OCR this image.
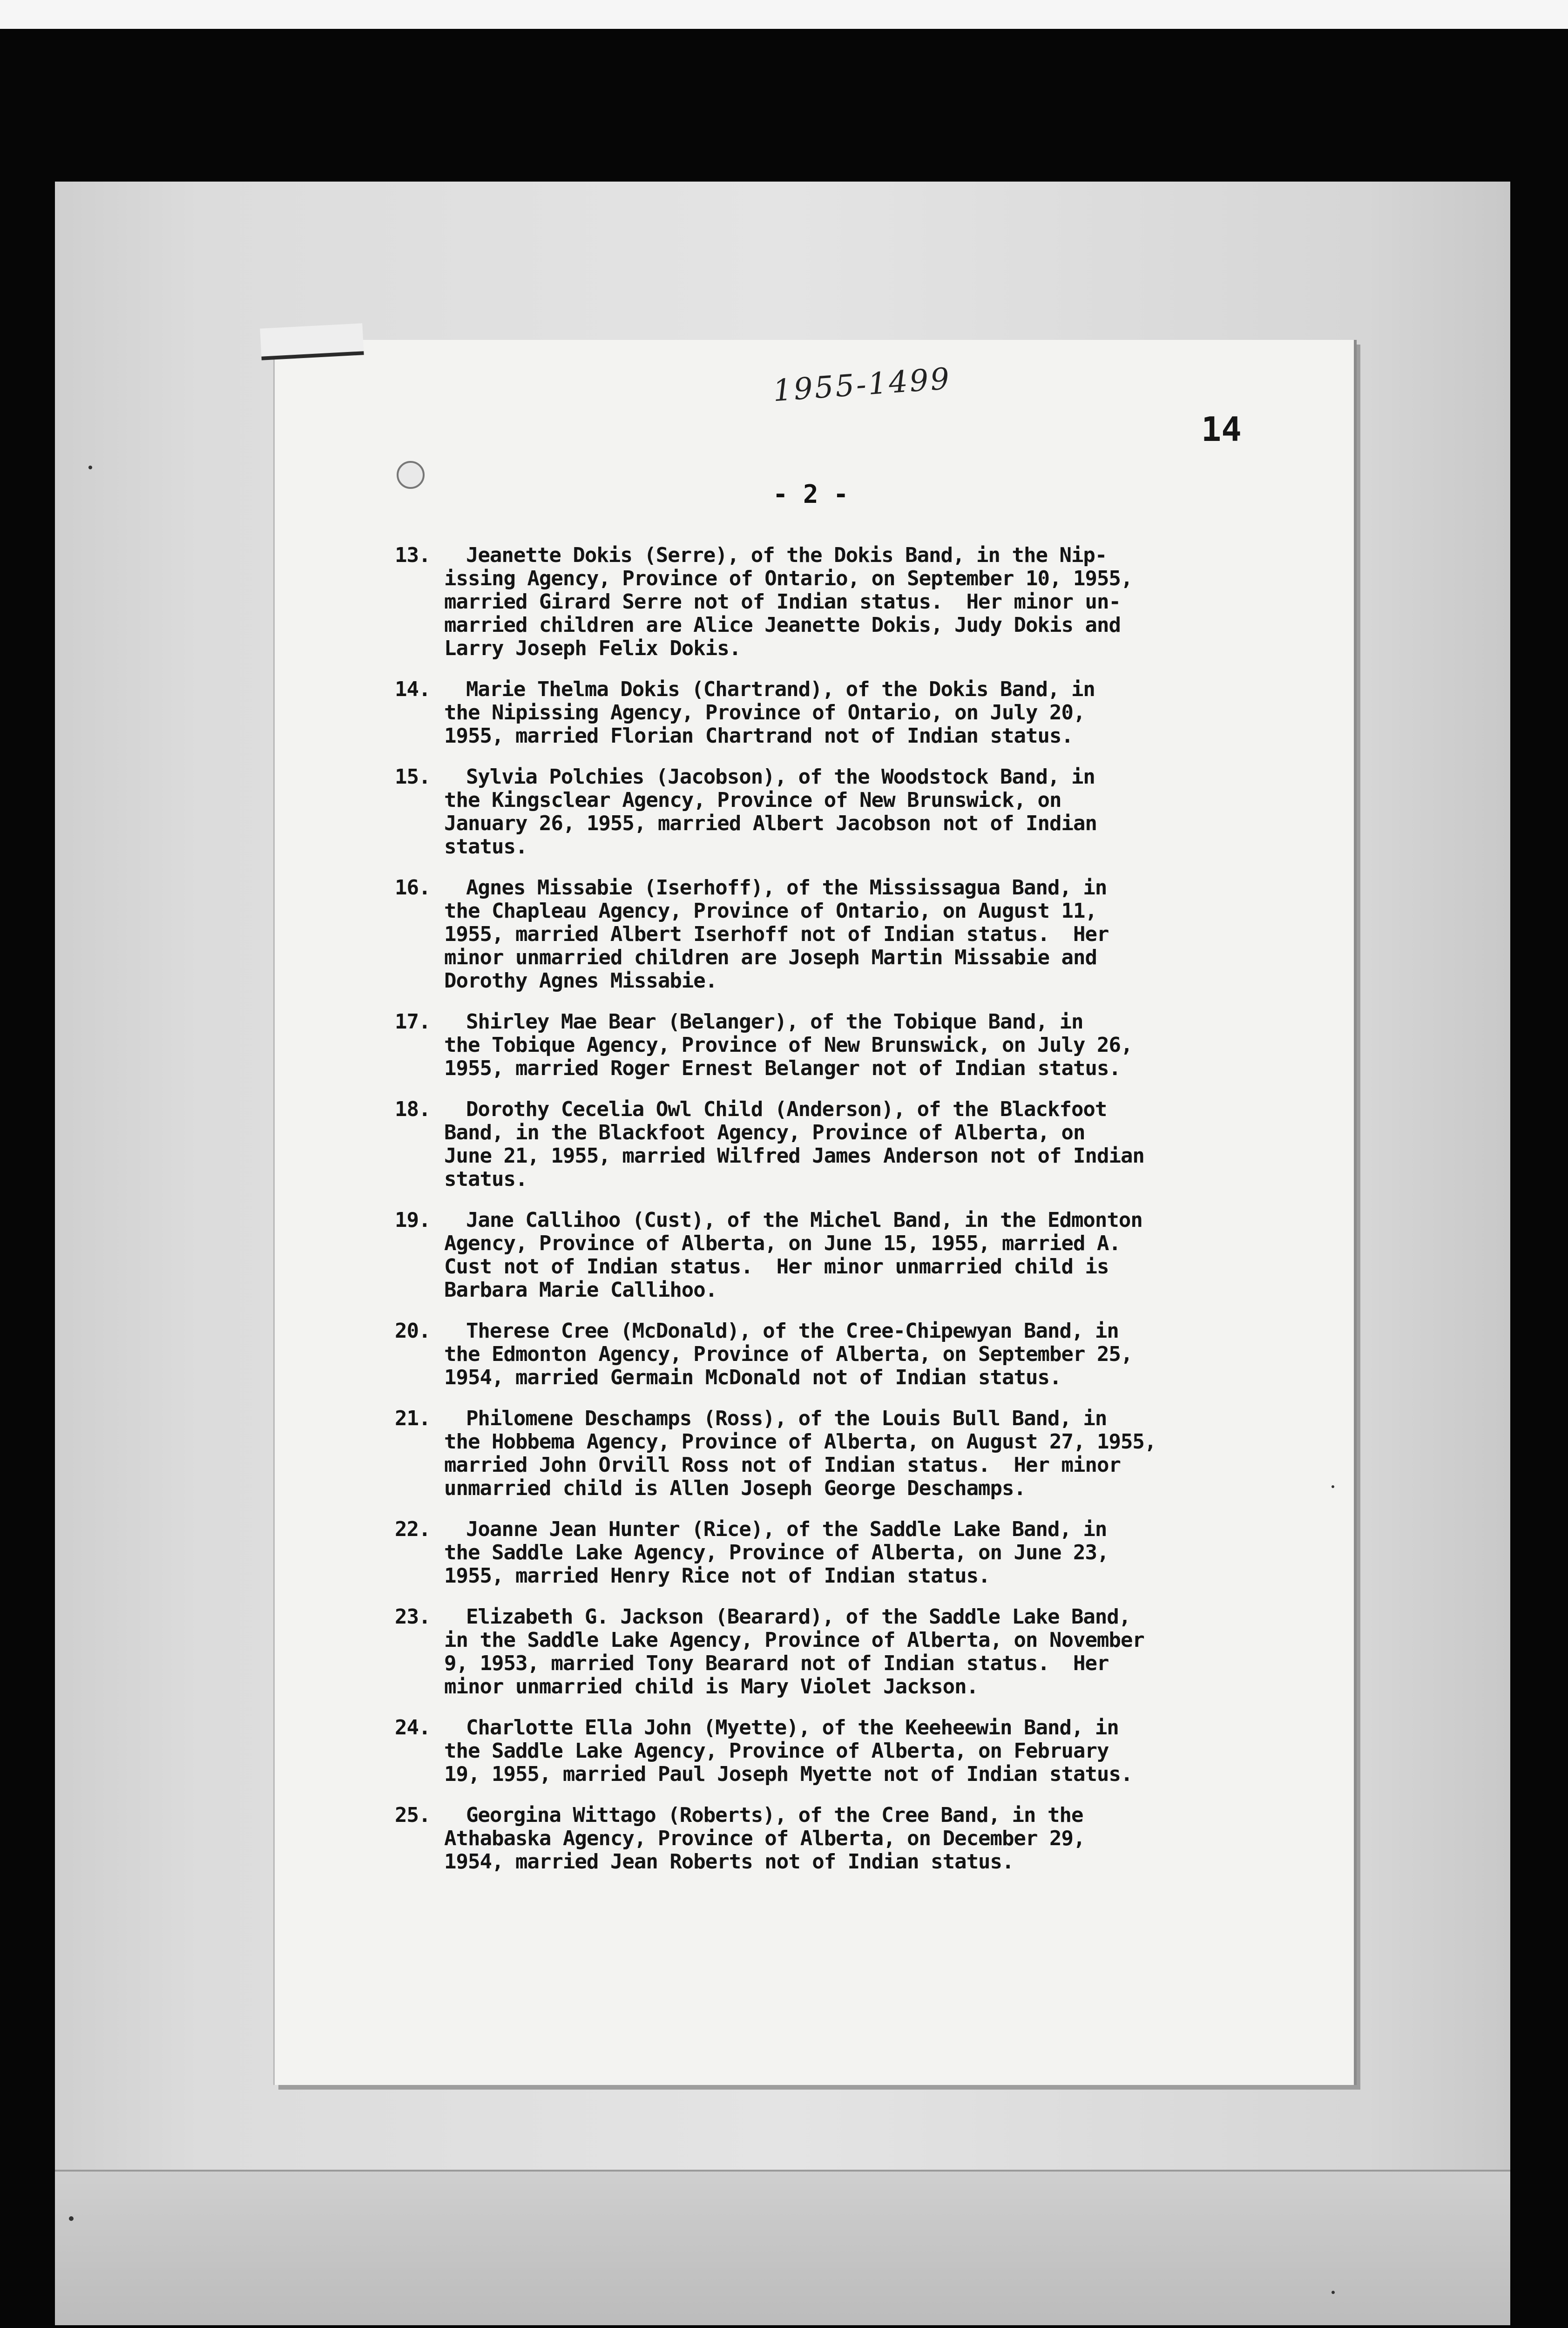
1955-1499
14
- 2 -
13.   Jeanette Dokis (Serre), of the Dokis Band, in the Nip-
issing Agency, Province of Ontario, on September 10, 1955,
married Girard Serre not of Indian status.  Her minor un-
married children are Alice Jeanette Dokis, Judy Dokis and
Larry Joseph Felix Dokis.
14.   Marie Thelma Dokis (Chartrand), of the Dokis Band, in
the Nipissing Agency, Province of Ontario, on July 20,
1955, married Florian Chartrand not of Indian status.
15.   Sylvia Polchies (Jacobson), of the Woodstock Band, in
the Kingsclear Agency, Province of New Brunswick, on
January 26, 1955, married Albert Jacobson not of Indian
status.
16.   Agnes Missabie (Iserhoff), of the Mississagua Band, in
the Chapleau Agency, Province of Ontario, on August 11,
1955, married Albert Iserhoff not of Indian status.  Her
minor unmarried children are Joseph Martin Missabie and
Dorothy Agnes Missabie.
17.   Shirley Mae Bear (Belanger), of the Tobique Band, in
the Tobique Agency, Province of New Brunswick, on July 26,
1955, married Roger Ernest Belanger not of Indian status.
18.   Dorothy Cecelia Owl Child (Anderson), of the Blackfoot
Band, in the Blackfoot Agency, Province of Alberta, on
June 21, 1955, married Wilfred James Anderson not of Indian
status.
19.   Jane Callihoo (Cust), of the Michel Band, in the Edmonton
Agency, Province of Alberta, on June 15, 1955, married A.
Cust not of Indian status.  Her minor unmarried child is
Barbara Marie Callihoo.
20.   Therese Cree (McDonald), of the Cree-Chipewyan Band, in
the Edmonton Agency, Province of Alberta, on September 25,
1954, married Germain McDonald not of Indian status.
21.   Philomene Deschamps (Ross), of the Louis Bull Band, in
the Hobbema Agency, Province of Alberta, on August 27, 1955,
married John Orvill Ross not of Indian status.  Her minor
unmarried child is Allen Joseph George Deschamps.
22.   Joanne Jean Hunter (Rice), of the Saddle Lake Band, in
the Saddle Lake Agency, Province of Alberta, on June 23,
1955, married Henry Rice not of Indian status.
23.   Elizabeth G. Jackson (Bearard), of the Saddle Lake Band,
in the Saddle Lake Agency, Province of Alberta, on November
9, 1953, married Tony Bearard not of Indian status.  Her
minor unmarried child is Mary Violet Jackson.
24.   Charlotte Ella John (Myette), of the Keeheewin Band, in
the Saddle Lake Agency, Province of Alberta, on February
19, 1955, married Paul Joseph Myette not of Indian status.
25.   Georgina Wittago (Roberts), of the Cree Band, in the
Athabaska Agency, Province of Alberta, on December 29,
1954, married Jean Roberts not of Indian status.
